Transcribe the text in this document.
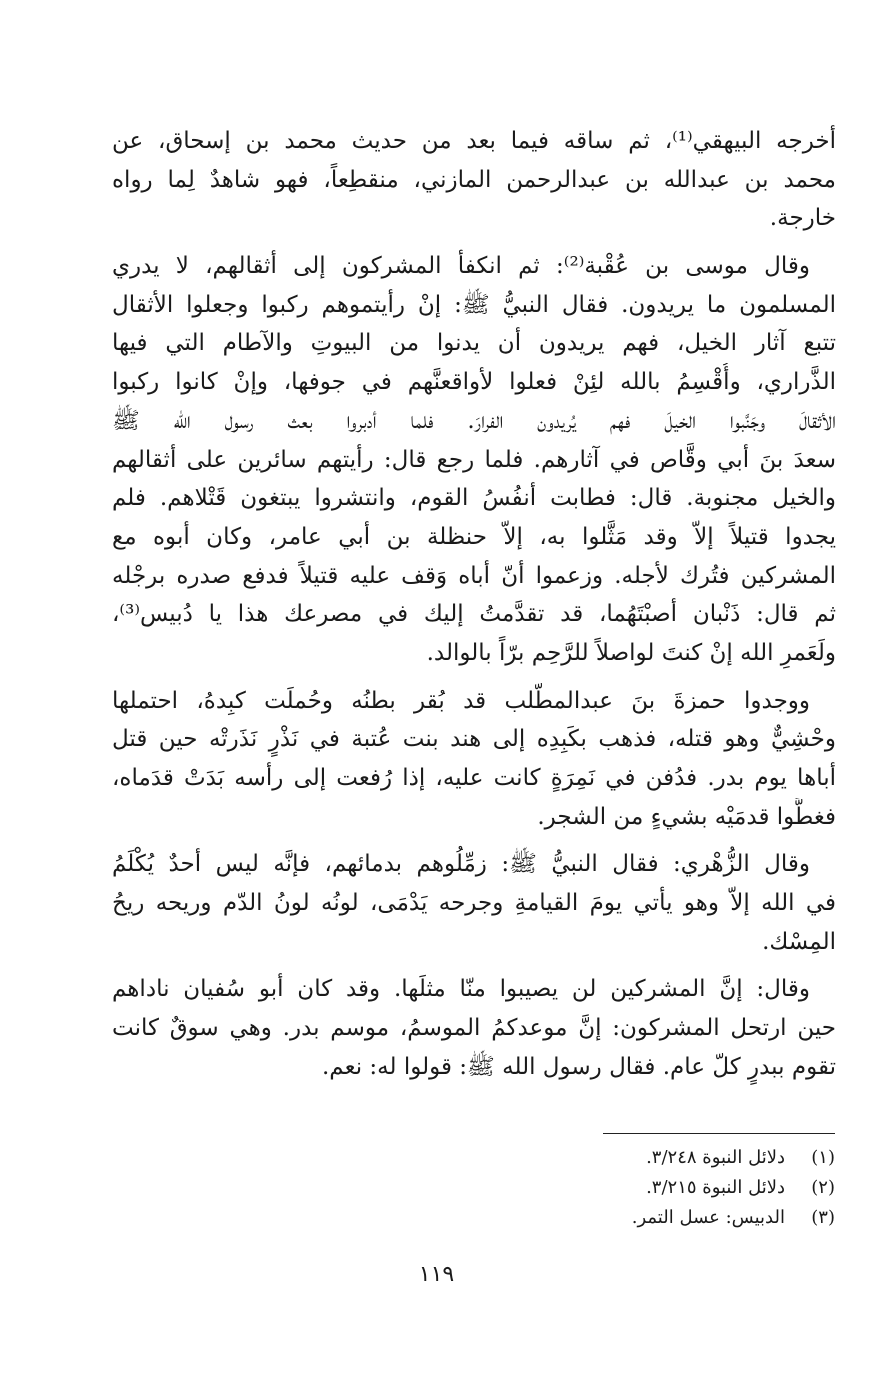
أخرجه البيهقي⁽¹⁾، ثم ساقه فيما بعد من حديث محمد بن إسحاق، عن
محمد بن عبدالله بن عبدالرحمن المازني، منقطِعاً، فهو شاهدٌ لِما رواه
خارجة.
وقال موسى بن عُقْبة⁽²⁾: ثم انكفأ المشركون إلى أثقالهم، لا يدري
المسلمون ما يريدون. فقال النبيُّ ﷺ: إنْ رأيتموهم ركبوا وجعلوا الأثقال
تتبع آثار الخيل، فهم يريدون أن يدنوا من البيوتِ والآطام التي فيها
الذَّراري، وأُقْسِمُ بالله لئِنْ فعلوا لأواقعنَّهم في جوفها، وإنْ كانوا ركبوا
الأثقالَ وجَنَّبوا الخيلَ فهم يُريدون الفرارَ. فلما أدبروا بعث رسول الله ﷺ
سعدَ بنَ أبي وقَّاص في آثارهم. فلما رجع قال: رأيتهم سائرين على أثقالهم
والخيل مجنوبة. قال: فطابت أنفُسُ القوم، وانتشروا يبتغون قَتْلاهم. فلم
يجدوا قتيلاً إلاّ وقد مَثَّلوا به، إلاّ حنظلة بن أبي عامر، وكان أبوه مع
المشركين فتُرك لأجله. وزعموا أنّ أباه وَقف عليه قتيلاً فدفع صدره برجْله
ثم قال: ذَنْبان أصبْتَهُما، قد تقدَّمتُ إليك في مصرعك هذا يا دُبيس⁽³⁾،
ولَعَمرِ الله إنْ كنتَ لواصلاً للرَّحِم برّاً بالوالد.
ووجدوا حمزةَ بنَ عبدالمطّلب قد بُقر بطنُه وحُملَت كبِدهُ، احتملها
وحْشِيٌّ وهو قتله، فذهب بكَبِدِه إلى هند بنت عُتبة في نَذْرٍ نَذَرتْه حين قتل
أباها يوم بدر. فدُفن في نَمِرَةٍ كانت عليه، إذا رُفعت إلى رأسه بَدَتْ قدَماه،
فغطَّوا قدمَيْه بشيءٍ من الشجر.
وقال الزُّهْري: فقال النبيُّ ﷺ: زمِّلُوهم بدمائهم، فإنَّه ليس أحدٌ يُكْلَمُ
في الله إلاّ وهو يأتي يومَ القيامةِ وجرحه يَدْمَى، لونُه لونُ الدّم وريحه ريحُ
المِسْك.
وقال: إنَّ المشركين لن يصيبوا منّا مثلَها. وقد كان أبو سُفيان ناداهم
حين ارتحل المشركون: إنَّ موعدكمُ الموسمُ، موسم بدر. وهي سوقٌ كانت
تقوم ببدرٍ كلّ عام. فقال رسول الله ﷺ: قولوا له: نعم.
(١)
دلائل النبوة ٣/٢٤٨.
(٢)
دلائل النبوة ٣/٢١٥.
(٣)
الدبيس: عسل التمر.
١١٩
